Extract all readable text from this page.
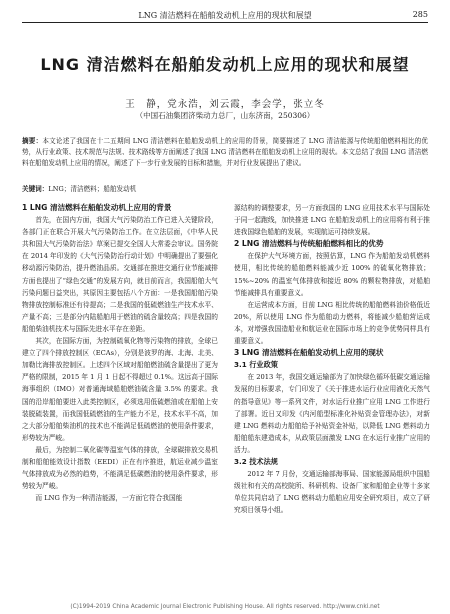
LNG 清洁燃料在船舶发动机上应用的现状和展望	285
LNG 清洁燃料在船舶发动机上应用的现状和展望
王　静，党永浩，刘云霞，李会学，张立冬
（中国石油集团济柴动力总厂，山东济南，250306）
摘要：本文论述了我国在十二五期间 LNG 清洁燃料在船舶发动机上的应用的背景，简要描述了 LNG 清洁能源与传统船舶燃料相比的优势，从行业政策、技术规范与法规、技术路线等方面阐述了我国 LNG 清洁燃料在船舶发动机上应用的现状。本文总结了我国 LNG 清洁燃料在船舶发动机上应用的情况，阐述了下一步行业发展的目标和措施，并对行业发展提出了建议。
关键词：LNG；清洁燃料；船舶发动机

1 LNG 清洁燃料在船舶发动机上应用的背景

首先，在国内方面，我国大气污染防治工作已进入关键阶段，各部门正在联合开展大气污染防治工作。在立法层面，《中华人民共和国大气污染防治法》草案已提交全国人大常委会审议。国务院在 2014 年印发的《大气污染防治行动计划》中明确提出了要强化移动源污染防治，提升燃油品质。交通部在推进交通行业节能减排方面也提出了“绿色交通”的发展方向，就目前而言，我国船舶大气污染问题日益突出，其原因主要包括八个方面：一是我国船舶污染物排放控制标准还有待提高；二是我国的低硫燃油生产技术水平、产量不高；三是部分内陆船舶用于燃油的硫含量较高；四是我国的船舶柴油机技术与国际先进水平存在差距。

其次，在国际方面，为控制硫氧化物等污染物的排放，全球已建立了四个排放控制区（ECAs），分别是波罗的海、北海、北美、加勒比海排放控制区。上述四个区域对船舶燃油硫含量提出了更为严格的限制，2015 年 1 月 1 日起不得超过 0.1%。这远高于国际海事组织（IMO）对普通海域船舶燃油硫含量 3.5% 的要求。我国的沿岸船舶要进入此类控制区，必须选用低硫燃油或在船舶上安装脱硫装置，而我国低硫燃油的生产能力不足，技术水平不高，加之大部分船舶柴油机的技术也不能满足低硫燃油的使用条件要求，形势较为严峻。

最后，为控制二氧化碳等温室气体的排放，全球碳排放交易机制和船舶能效设计指数（EEDI）正在有序推进，航运业减少温室气体排放成为必然的趋势，不能满足低碳燃油的使用条件要求，形势较为严峻。

而 LNG 作为一种清洁能源，一方面它符合我国能

源结构的调整要求，另一方面我国的 LNG 应用技术水平与国际处于同一起跑线，加快推进 LNG 在船舶发动机上的应用将有利于推进我国绿色船舶的发展，实现航运可持续发展。

2 LNG 清洁燃料与传统船舶燃料相比的优势

在保护大气环境方面，按照估算，LNG 作为船舶发动机燃料使用，相比传统的船舶燃料能减少近 100% 的硫氧化物排放；15%~20% 的温室气体排放和接近 80% 的颗粒物排放，对船舶节能减排具有重要意义。

在运营成本方面，目前 LNG 相比传统的船舶燃料油价格低近 20%，所以使用 LNG 作为船舶动力燃料，将能减少船舶营运成本，对增强我国造船业和航运业在国际市场上的竞争优势同样具有重要意义。

3 LNG 清洁燃料在船舶发动机上应用的现状

3.1 行业政策

在 2013 年，我国交通运输部为了加快绿色循环低碳交通运输发展的目标要求，专门印发了《关于推进水运行业应用液化天然气的指导意见》等一系列文件，对水运行业推广应用 LNG 工作进行了部署。近日又印发《内河船型标准化补贴资金管理办法》，对新建 LNG 燃料动力船舶给予补贴资金补贴，以降低 LNG 燃料动力船舶船东建造成本，从政策层面激发 LNG 在水运行业推广应用的活力。

3.2 技术法规

2012 年 7 月份，交通运输部海事局、国家能源局组织中国船级社和有关的高校院所、科研机构、设备厂家和船舶企业等十多家单位共同启动了 LNG 燃料动力船舶应用安全研究项目，成立了研究项目领导小组。

(C)1994-2019 China Academic Journal Electronic Publishing House. All rights reserved. http://www.cnki.net
